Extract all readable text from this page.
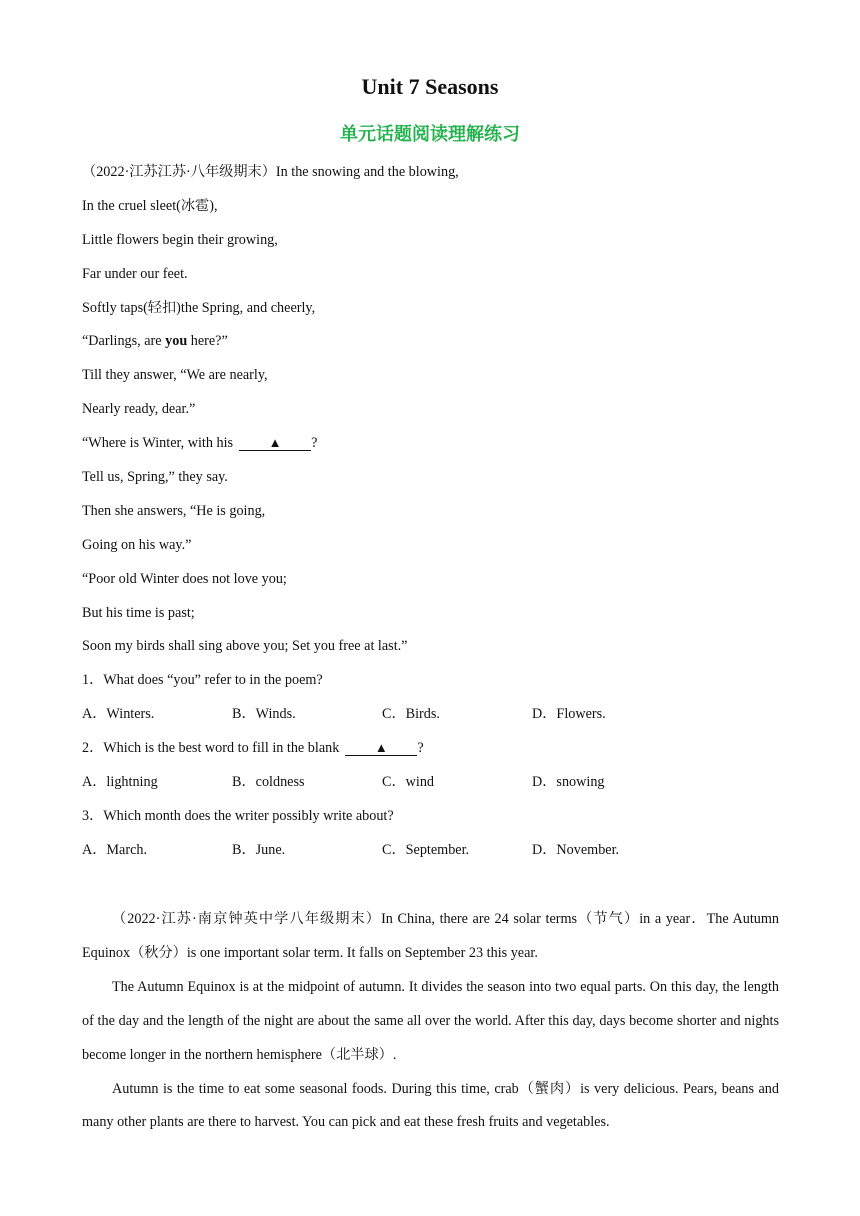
Unit 7 Seasons
单元话题阅读理解练习
（2022·江苏江苏·八年级期末）In the snowing and the blowing,
In the cruel sleet(冰雹),
Little flowers begin their growing,
Far under our feet.
Softly taps(轻扣)the Spring, and cheerly,
“Darlings, are you here?”
Till they answer, “We are nearly,
Nearly ready, dear.”
“Where is Winter, with his	▲ ?
Tell us, Spring,” they say.
Then she answers, “He is going,
Going on his way.”
“Poor old Winter does not love you;
But his time is past;
Soon my birds shall sing above you; Set you free at last.”
1．What does “you” refer to in the poem?
A．Winters.	B．Winds.	C．Birds.	D．Flowers.
2．Which is the best word to fill in the blank	▲ ?
A．lightning	B．coldness	C．wind	D．snowing
3．Which month does the writer possibly write about?
A．March.	B．June.	C．September.	D．November.

（2022·江苏·南京钟英中学八年级期末）In China, there are 24 solar terms（节气）in a year．The Autumn Equinox（秋分）is one important solar term. It falls on September 23 this year.

The Autumn Equinox is at the midpoint of autumn. It divides the season into two equal parts. On this day, the length of the day and the length of the night are about the same all over the world. After this day, days become shorter and nights become longer in the northern hemisphere（北半球）.

Autumn is the time to eat some seasonal foods. During this time, crab（蟹肉）is very delicious. Pears, beans and many other plants are there to harvest. You can pick and eat these fresh fruits and vegetables.
